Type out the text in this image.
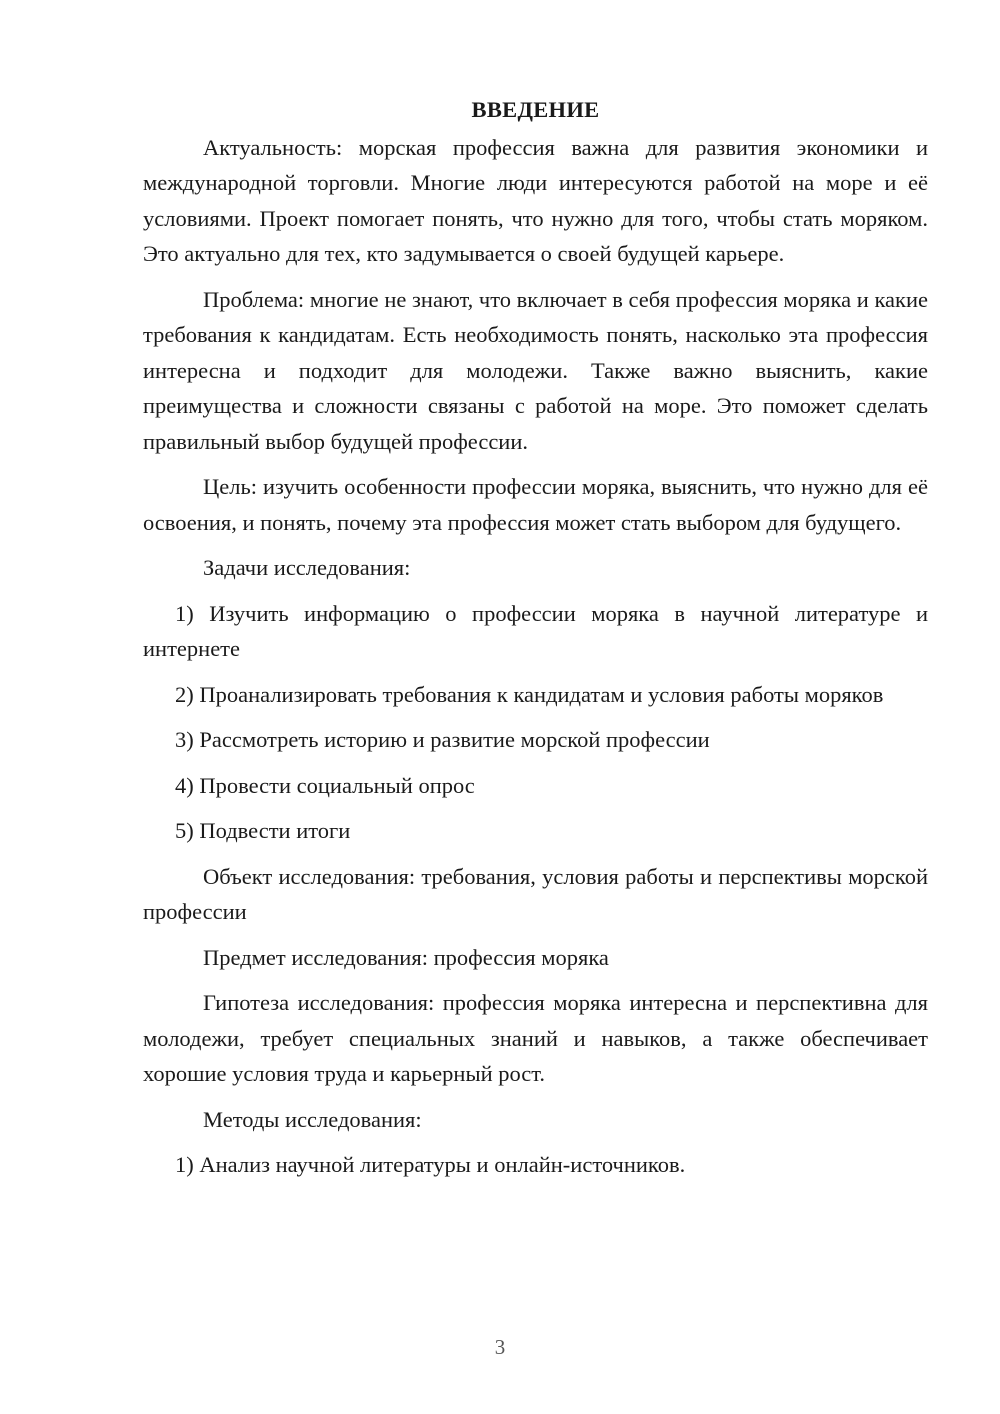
ВВЕДЕНИЕ

Актуальность: морская профессия важна для развития экономики и международной торговли. Многие люди интересуются работой на море и её условиями. Проект помогает понять, что нужно для того, чтобы стать моряком. Это актуально для тех, кто задумывается о своей будущей карьере.

Проблема: многие не знают, что включает в себя профессия моряка и какие требования к кандидатам. Есть необходимость понять, насколько эта профессия интересна и подходит для молодежи. Также важно выяснить, какие преимущества и сложности связаны с работой на море. Это поможет сделать правильный выбор будущей профессии.

Цель: изучить особенности профессии моряка, выяснить, что нужно для её освоения, и понять, почему эта профессия может стать выбором для будущего.

Задачи исследования:

1) Изучить информацию о профессии моряка в научной литературе и интернете

2) Проанализировать требования к кандидатам и условия работы моряков

3) Рассмотреть историю и развитие морской профессии

4) Провести социальный опрос

5) Подвести итоги

Объект исследования: требования, условия работы и перспективы морской профессии

Предмет исследования: профессия моряка

Гипотеза исследования: профессия моряка интересна и перспективна для молодежи, требует специальных знаний и навыков, а также обеспечивает хорошие условия труда и карьерный рост.

Методы исследования:

1) Анализ научной литературы и онлайн-источников.

3
